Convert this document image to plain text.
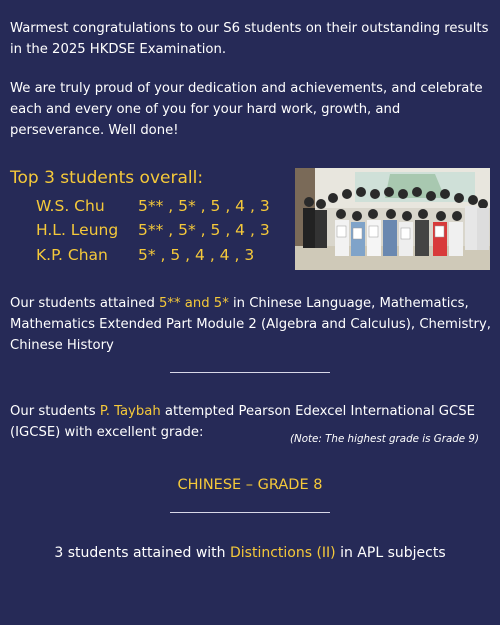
Warmest congratulations to our S6 students on their outstanding results in the 2025 HKDSE Examination.

We are truly proud of your dedication and achievements, and celebrate each and every one of you for your hard work, growth, and perseverance. Well done!

Top 3 students overall:
W.S. Chu 5** , 5* , 5 , 4 , 3
H.L. Leung 5** , 5* , 5 , 4 , 3
K.P. Chan 5* , 5 , 4 , 4 , 3
Our students attained 5** and 5* in Chinese Language, Mathematics, Mathematics Extended Part Module 2 (Algebra and Calculus), Chemistry, Chinese History
Our students P. Taybah attempted Pearson Edexcel International GCSE (IGCSE) with excellent grade:	(Note: The highest grade is Grade 9)
CHINESE – GRADE 8
3 students attained with Distinctions (II) in APL subjects
